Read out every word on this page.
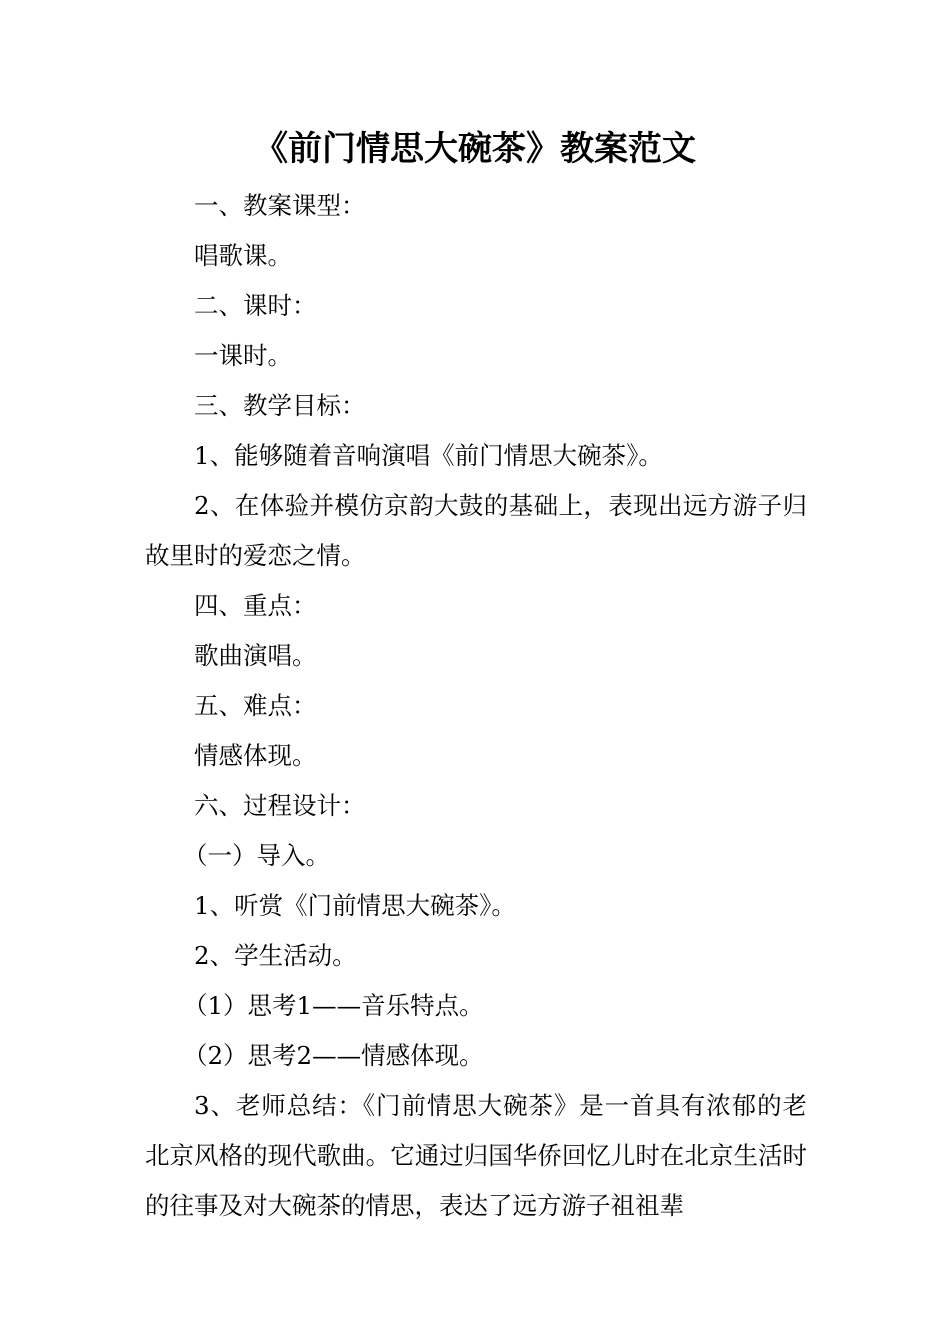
《前门情思大碗茶》教案范文

一、教案课型：

唱歌课。

二、课时：

一课时。

三、教学目标：

1、能够随着音响演唱《前门情思大碗茶》。

2、在体验并模仿京韵大鼓的基础上，表现出远方游子归故里时的爱恋之情。

四、重点：

歌曲演唱。

五、难点：

情感体现。

六、过程设计：

（一）导入。

1、听赏《门前情思大碗茶》。

2、学生活动。

（1）思考1——音乐特点。

（2）思考2——情感体现。

3、老师总结：《门前情思大碗茶》是一首具有浓郁的老北京风格的现代歌曲。它通过归国华侨回忆儿时在北京生活时的往事及对大碗茶的情思，表达了远方游子祖祖辈
